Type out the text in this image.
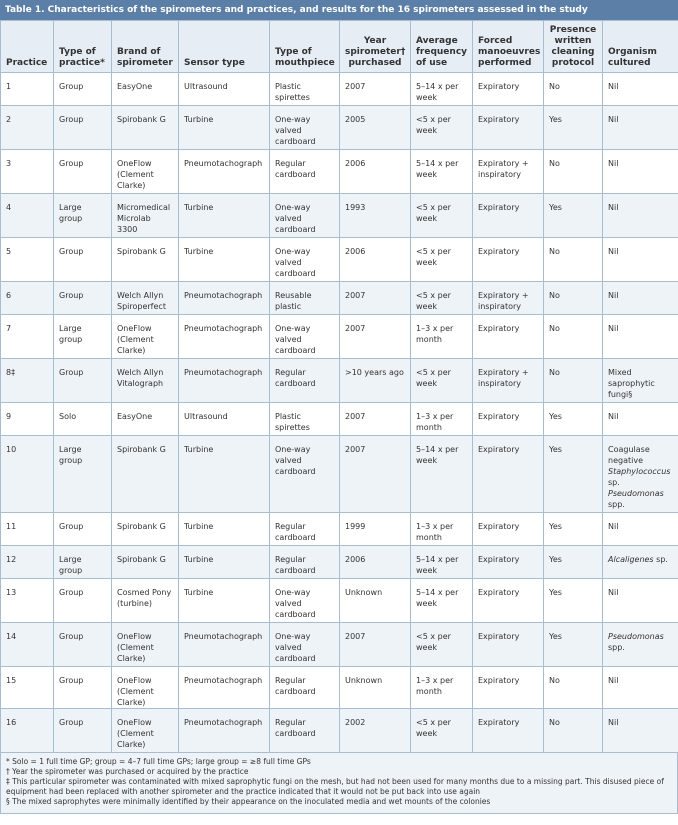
Table 1. Characteristics of the spirometers and practices, and results for the 16 spirometers assessed in the study
Practice	Type of practice*	Brand of spirometer	Sensor type	Type of mouthpiece	Year spirometer† purchased	Average frequency of use	Forced manoeuvres performed	Presence written cleaning protocol	Organism cultured
1	Group	EasyOne	Ultrasound	Plastic spirettes	2007	5–14 x per week	Expiratory	No	Nil
2	Group	Spirobank G	Turbine	One-way valved cardboard	2005	<5 x per week	Expiratory	Yes	Nil
3	Group	OneFlow (Clement Clarke)	Pneumotachograph	Regular cardboard	2006	5–14 x per week	Expiratory + inspiratory	No	Nil
4	Large group	Micromedical Microlab 3300	Turbine	One-way valved cardboard	1993	<5 x per week	Expiratory	Yes	Nil
5	Group	Spirobank G	Turbine	One-way valved cardboard	2006	<5 x per week	Expiratory	No	Nil
6	Group	Welch Allyn Spiroperfect	Pneumotachograph	Reusable plastic	2007	<5 x per week	Expiratory + inspiratory	No	Nil
7	Large group	OneFlow (Clement Clarke)	Pneumotachograph	One-way valved cardboard	2007	1–3 x per month	Expiratory	No	Nil
8‡	Group	Welch Allyn Vitalograph	Pneumotachograph	Regular cardboard	>10 years ago	<5 x per week	Expiratory + inspiratory	No	Mixed saprophytic fungi§
9	Solo	EasyOne	Ultrasound	Plastic spirettes	2007	1–3 x per month	Expiratory	Yes	Nil
10	Large group	Spirobank G	Turbine	One-way valved cardboard	2007	5–14 x per week	Expiratory	Yes	Coagulase negative
Staphylococcus
sp.
Pseudomonas
spp.
11	Group	Spirobank G	Turbine	Regular cardboard	1999	1–3 x per month	Expiratory	Yes	Nil
12	Large group	Spirobank G	Turbine	Regular cardboard	2006	5–14 x per week	Expiratory	Yes	Alcaligenes sp.
13	Group	Cosmed Pony (turbine)	Turbine	One-way valved cardboard	Unknown	5–14 x per week	Expiratory	Yes	Nil
14	Group	OneFlow (Clement Clarke)	Pneumotachograph	One-way valved cardboard	2007	<5 x per week	Expiratory	Yes	Pseudomonas
spp.
15	Group	OneFlow (Clement Clarke)	Pneumotachograph	Regular cardboard	Unknown	1–3 x per month	Expiratory	No	Nil
16	Group	OneFlow (Clement Clarke)	Pneumotachograph	Regular cardboard	2002	<5 x per week	Expiratory	No	Nil
* Solo = 1 full time GP; group = 4–7 full time GPs; large group = ≥8 full time GPs
† Year the spirometer was purchased or acquired by the practice
‡ This particular spirometer was contaminated with mixed saprophytic fungi on the mesh, but had not been used for many months due to a missing part. This disused piece of equipment had been replaced with another spirometer and the practice indicated that it would not be put back into use again
§ The mixed saprophytes were minimally identified by their appearance on the inoculated media and wet mounts of the colonies
